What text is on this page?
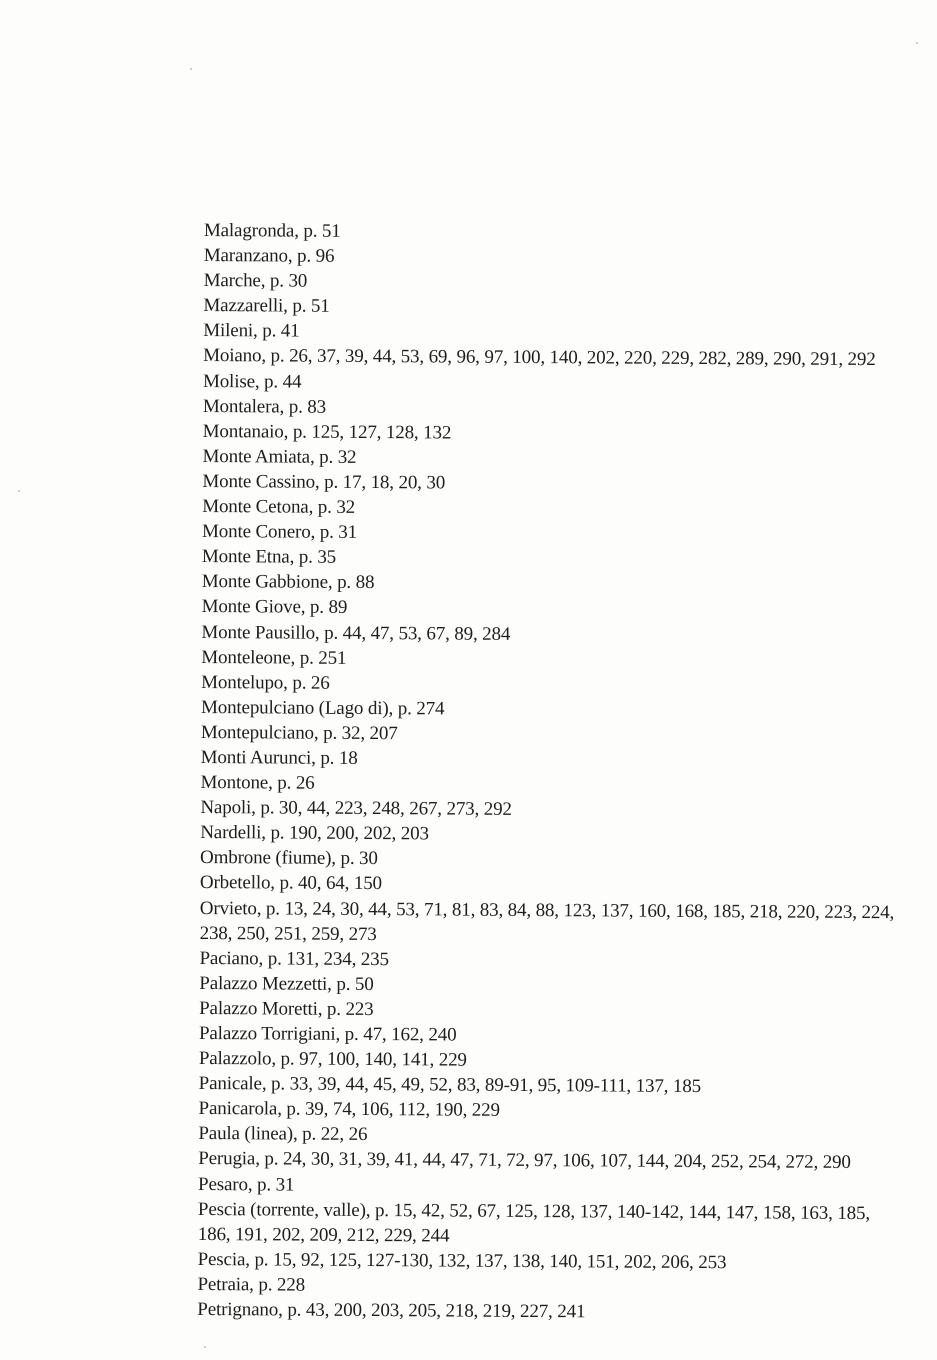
Malagronda, p. 51
Maranzano, p. 96
Marche, p. 30
Mazzarelli, p. 51
Mileni, p. 41
Moiano, p. 26, 37, 39, 44, 53, 69, 96, 97, 100, 140, 202, 220, 229, 282, 289, 290, 291, 292
Molise, p. 44
Montalera, p. 83
Montanaio, p. 125, 127, 128, 132
Monte Amiata, p. 32
Monte Cassino, p. 17, 18, 20, 30
Monte Cetona, p. 32
Monte Conero, p. 31
Monte Etna, p. 35
Monte Gabbione, p. 88
Monte Giove, p. 89
Monte Pausillo, p. 44, 47, 53, 67, 89, 284
Monteleone, p. 251
Montelupo, p. 26
Montepulciano (Lago di), p. 274
Montepulciano, p. 32, 207
Monti Aurunci, p. 18
Montone, p. 26
Napoli, p. 30, 44, 223, 248, 267, 273, 292
Nardelli, p. 190, 200, 202, 203
Ombrone (fiume), p. 30
Orbetello, p. 40, 64, 150
Orvieto, p. 13, 24, 30, 44, 53, 71, 81, 83, 84, 88, 123, 137, 160, 168, 185, 218, 220, 223, 224, 238, 250, 251, 259, 273
Paciano, p. 131, 234, 235
Palazzo Mezzetti, p. 50
Palazzo Moretti, p. 223
Palazzo Torrigiani, p. 47, 162, 240
Palazzolo, p. 97, 100, 140, 141, 229
Panicale, p. 33, 39, 44, 45, 49, 52, 83, 89-91, 95, 109-111, 137, 185
Panicarola, p. 39, 74, 106, 112, 190, 229
Paula (linea), p. 22, 26
Perugia, p. 24, 30, 31, 39, 41, 44, 47, 71, 72, 97, 106, 107, 144, 204, 252, 254, 272, 290
Pesaro, p. 31
Pescia (torrente, valle), p. 15, 42, 52, 67, 125, 128, 137, 140-142, 144, 147, 158, 163, 185, 186, 191, 202, 209, 212, 229, 244
Pescia, p. 15, 92, 125, 127-130, 132, 137, 138, 140, 151, 202, 206, 253
Petraia, p. 228
Petrignano, p. 43, 200, 203, 205, 218, 219, 227, 241
